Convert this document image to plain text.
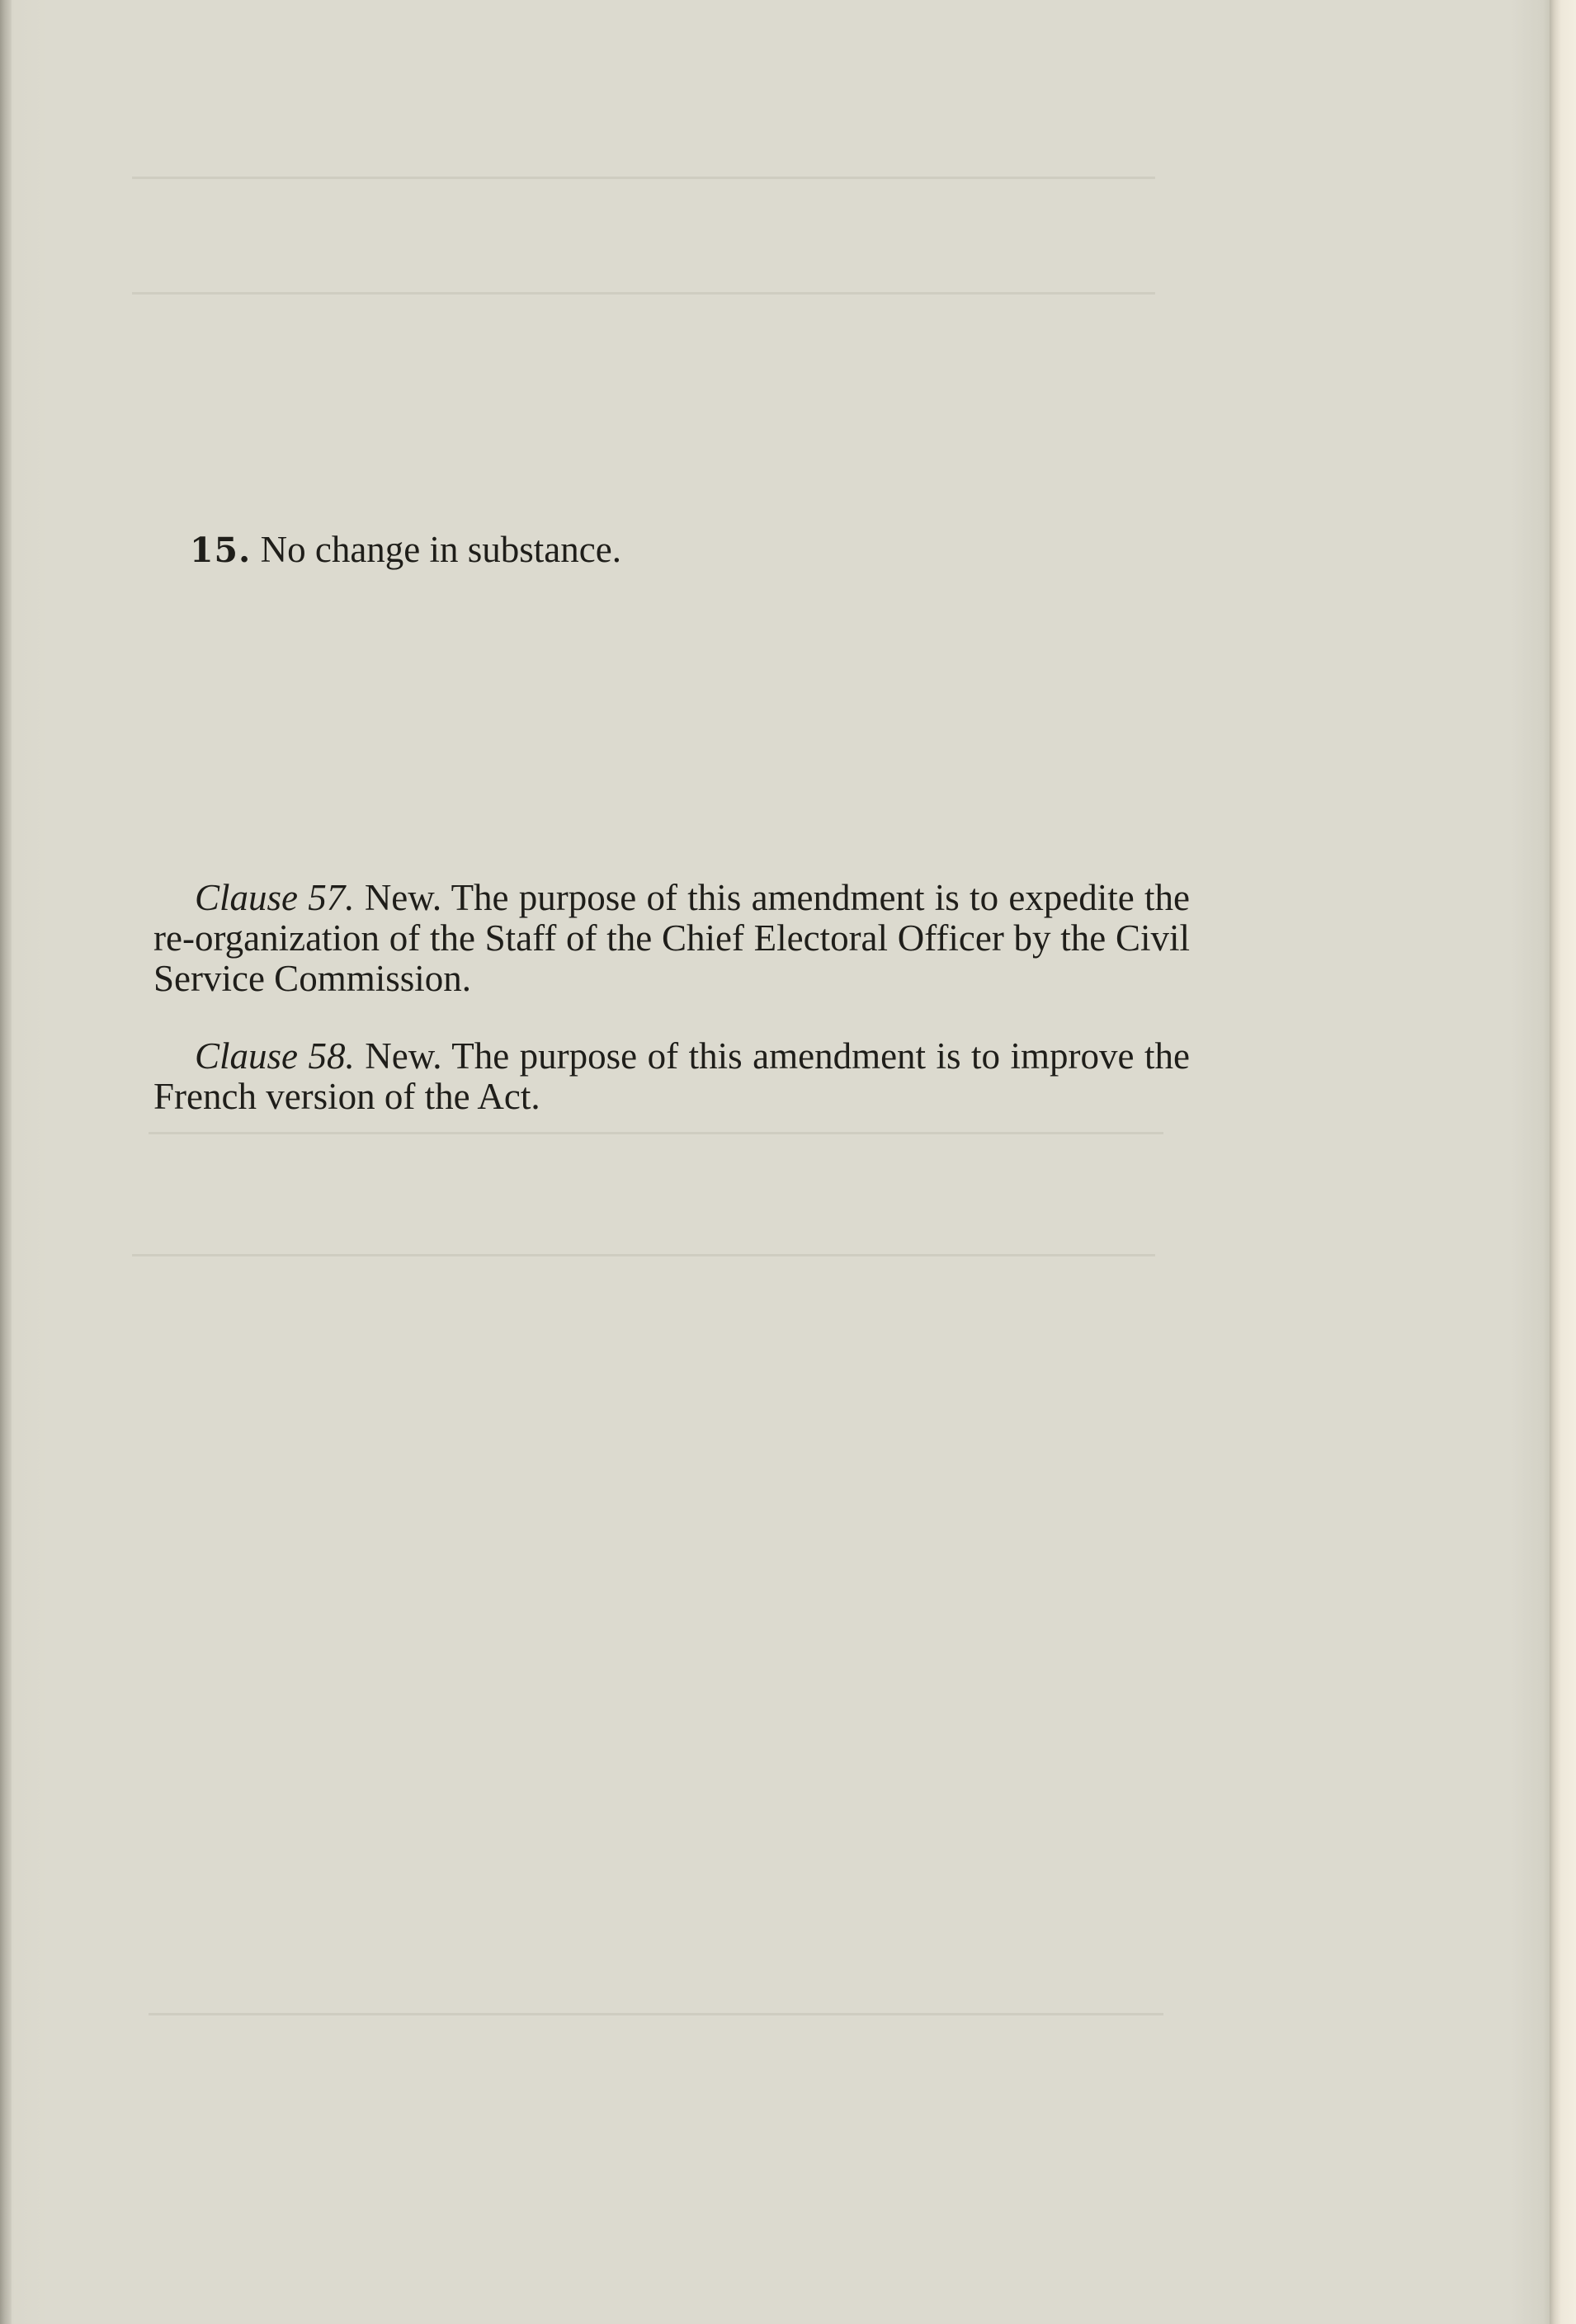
15. No change in substance.
Clause 57. New. The purpose of this amendment is to expedite the re-organization of the Staff of the Chief Electoral Officer by the Civil Service Commission.
Clause 58. New. The purpose of this amendment is to improve the French version of the Act.
